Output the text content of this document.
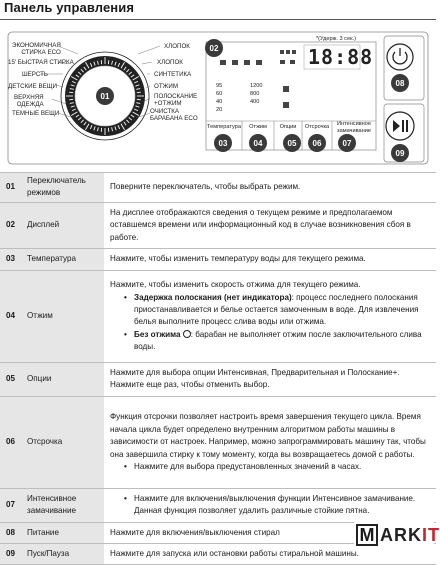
Панель управления
ЭКОНОМИЧНАЯ
СТИРКА ECO
15' БЫСТРАЯ СТИРКА
ШЕРСТЬ
ДЕТСКИЕ ВЕЩИ
ВЕРХНЯЯ
ОДЕЖДА
ТЕМНЫЕ ВЕЩИ
ХЛОПОК
ХЛОПОК
СИНТЕТИКА
ОТЖИМ
ПОЛОСКАНИЕ
+ОТЖИМ
ОЧИСТКА
БАРАБАНА ECO
01
02
*(Удерж. 3 сек.)
18:88
95
60
40
20
1200
800
400
Температура	Отжим	Опции	Отсрочка	Интенсивное
замачивание
03	04	05	06	07
08
09
01	Переключатель режимов	Поверните переключатель, чтобы выбрать режим.
02	Дисплей	На дисплее отображаются сведения о текущем режиме и предполагаемом оставшемся времени или информационный код в случае возникновения сбоя в работе.
03	Температура	Нажмите, чтобы изменить температуру воды для текущего режима.
04	Отжим	Нажмите, чтобы изменить скорость отжима для текущего режима.
• Задержка полоскания (нет индикатора): процесс последнего полоскания приостанавливается и белье остается замоченным в воде. Для извлечения белья выполните процесс слива воды или отжима.
• Без отжима : барабан не выполняет отжим после заключительного слива воды.

05	Опции	Нажмите для выбора опции Интенсивная, Предварительная и Полоскание+. Нажмите еще раз, чтобы отменить выбор.
06	Отсрочка	Функция отсрочки позволяет настроить время завершения текущего цикла. Время начала цикла будет определено внутренним алгоритмом работы машины в зависимости от настроек. Например, можно запрограммировать машину так, чтобы она завершила стирку к тому моменту, когда вы возвращаетесь домой с работы.
• Нажмите для выбора предустановленных значений в часах.

07	Интенсивное замачивание	• Нажмите для включения/выключения функции Интенсивное замачивание. Данная функция позволяет удалить различные стойкие пятна.

08	Питание	Нажмите для включения/выключения стирал
09	Пуск/Пауза	Нажмите для запуска или остановки работы стиральной машины.
M ARKIT
